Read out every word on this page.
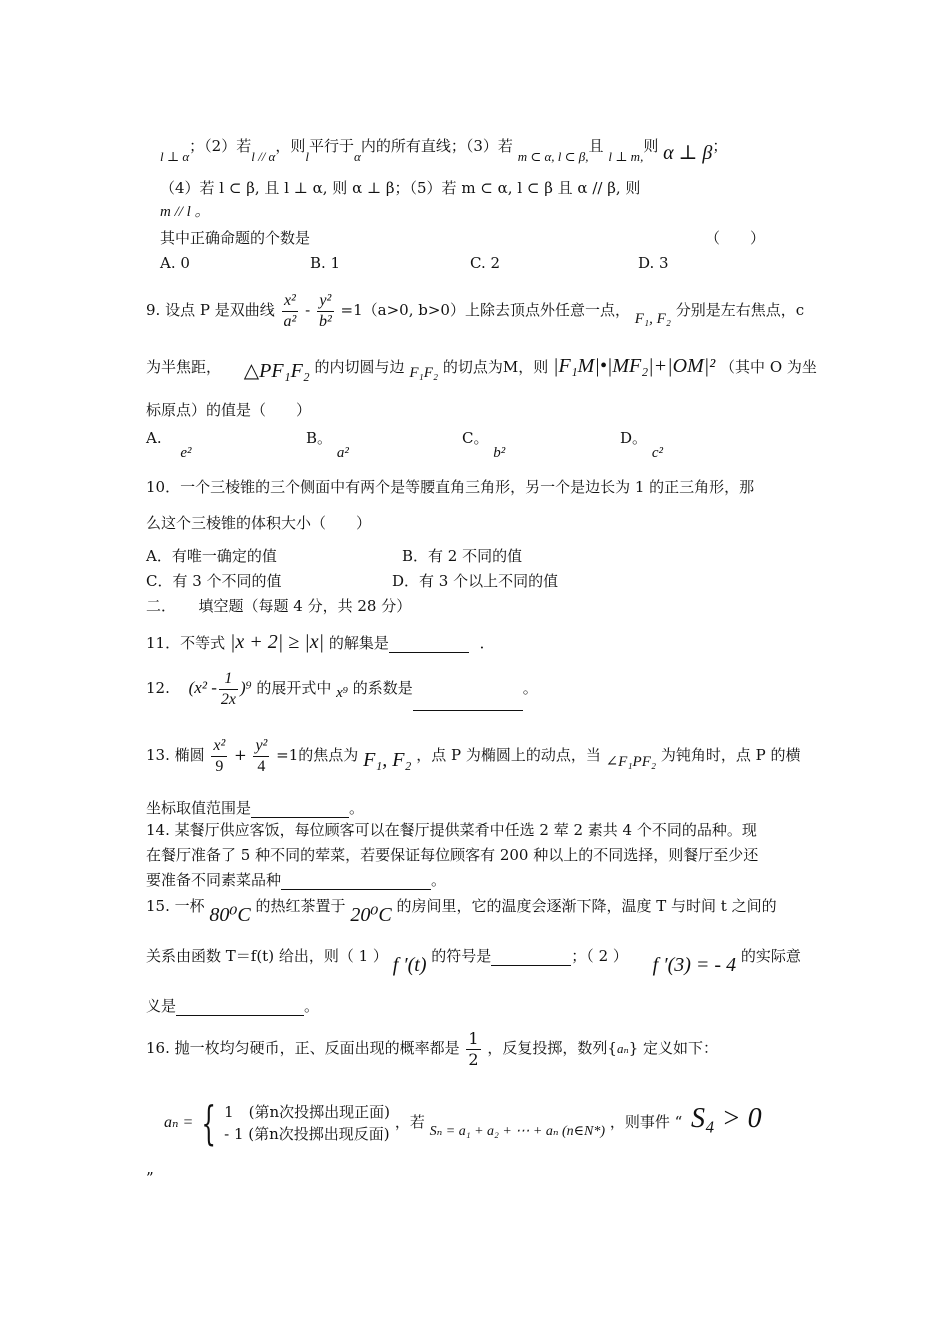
l ⊥ α；（2）若l // α，则l平行于α内的所有直线；（3）若 m ⊂ α, l ⊂ β,且 l ⊥ m,则 α ⊥ β；
（4）若 l ⊂ β, 且 l ⊥ α, 则 α ⊥ β；（5）若 m ⊂ α, l ⊂ β 且 α // β, 则
m // l 。
其中正确命题的个数是	（　　）
A. 0	B. 1	C. 2	D. 3
9. 设点 P 是双曲线 $\frac{\text{x²}}{\text{a²}} - \frac{\text{y²}}{\text{b²}} =1(a>0$, b>0）上除去顶点外任意一点， F₁, F₂ 分别是左右焦点，c
为半焦距， △PF₁F₂ 的内切圆与边 F₁F₂ 的切点为M，则 |F₁M|•|MF₂|+|OM|² （其中 O 为坐
标原点）的值是（　　）
A. e²
B。 a²
C。 b²
D。 c²
10．一个三棱锥的三个侧面中有两个是等腰直角三角形，另一个是边长为 1 的正三角形，那
么这个三棱锥的体积大小（　　）
A．有唯一确定的值	B．有 2 不同的值
C．有 3 个不同的值	D．有 3 个以上不同的值
二．　　填空题（每题 4 分，共 28 分）
11．不等式 |x + 2| ≥ |x| 的解集是	．
12. $(x^2 - \frac{1}{2x} )^9$ 的展开式中 x⁹ 的系数是	。
13. 椭圆 $\frac{\text{x²}}{9} + \frac{\text{y²}}{4} =1$的焦点为 F₁, F₂ ，点 P 为椭圆上的动点，当 ∠F₁PF₂ 为钝角时，点 P 的横
坐标取值范围是	。
14. 某餐厅供应客饭，每位顾客可以在餐厅提供菜肴中任选 2 荤 2 素共 4 个不同的品种。现
在餐厅准备了 5 种不同的荤菜，若要保证每位顾客有 200 种以上的不同选择，则餐厅至少还
要准备不同素菜品种	。
15. 一杯 80⁰C 的热红茶置于 20⁰C 的房间里，它的温度会逐渐下降，温度 T 与时间 t 之间的
关系由函数 T＝f(t) 给出，则（ 1 ） f ′(t) 的符号是	；（ 2 ） f ′(3) = - 4 的实际意
义是	。
16. 抛一枚均匀硬币，正、反面出现的概率都是 $\frac{1}{2}$ ，反复投掷，数列{aₙ} 定义如下：
aₙ = { 1　(第n次投掷出现正面)
- 1 (第n次投掷出现反面)
，若 Sₙ = a₁ + a₂ + ⋯ + aₙ (n∈N*) ，则事件 “ S₄ > 0
”
